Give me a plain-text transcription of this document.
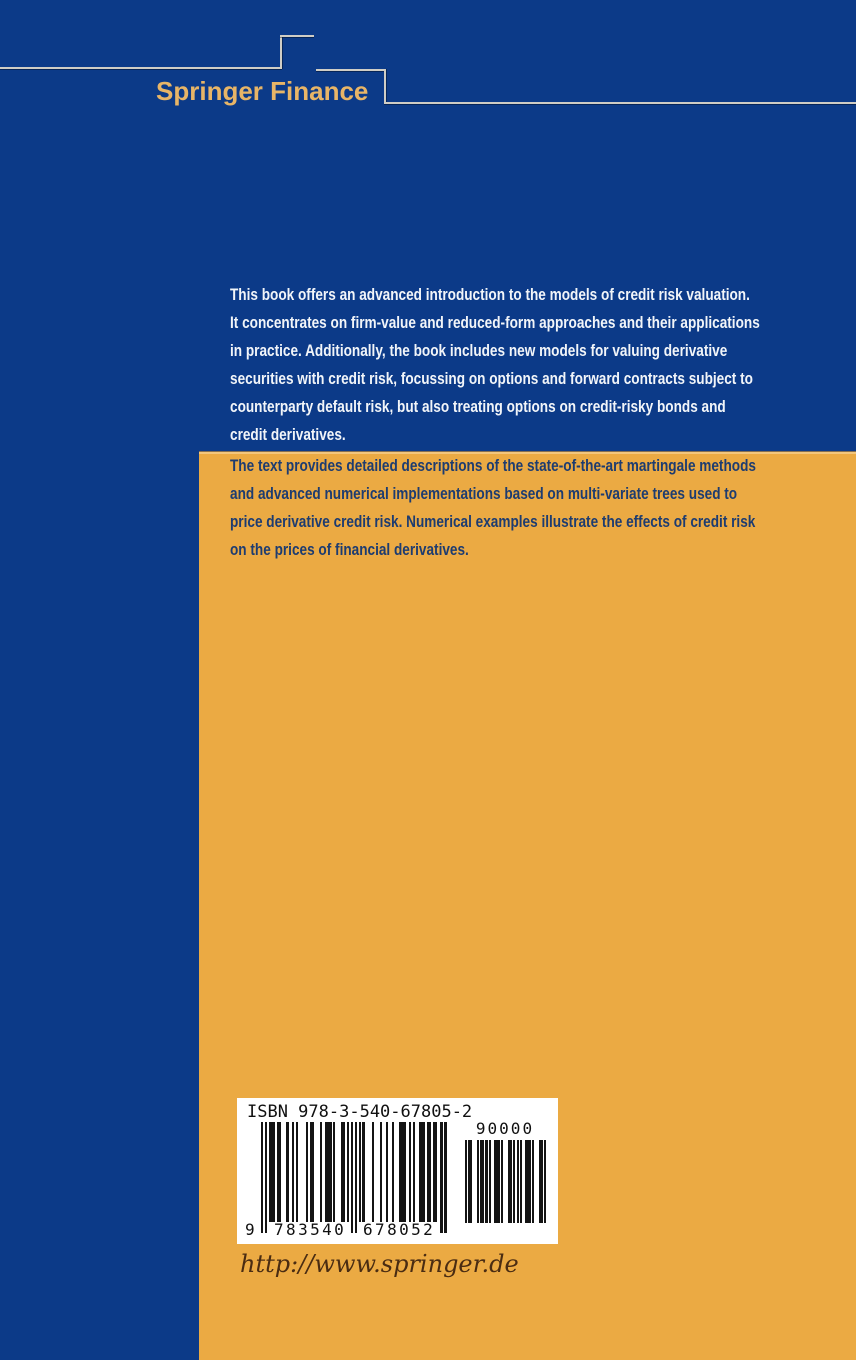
Springer Finance
This book offers an advanced introduction to the models of credit risk valuation.
It concentrates on firm-value and reduced-form approaches and their applications
in practice. Additionally, the book includes new models for valuing derivative
securities with credit risk, focussing on options and forward contracts subject to
counterparty default risk, but also treating options on credit-risky bonds and
credit derivatives.
The text provides detailed descriptions of the state-of-the-art martingale methods
and advanced numerical implementations based on multi-variate trees used to
price derivative credit risk. Numerical examples illustrate the effects of credit risk
on the prices of financial derivatives.
ISBN 978-3-540-67805-2
9 783540 678052
90000
http://www.springer.de
